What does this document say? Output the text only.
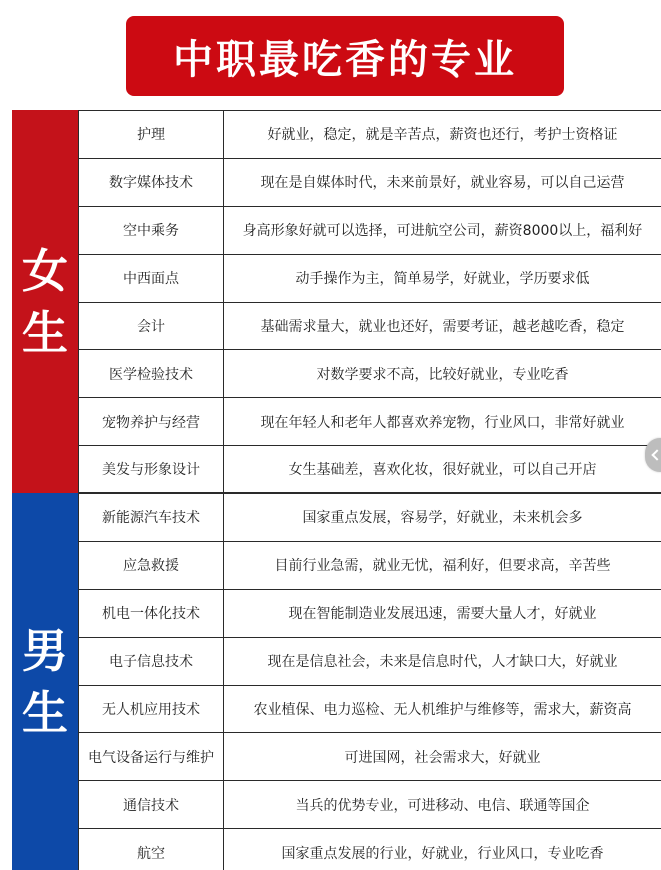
中职最吃香的专业
女
生
护理	好就业，稳定，就是辛苦点，薪资也还行，考护士资格证
数字媒体技术	现在是自媒体时代，未来前景好，就业容易，可以自己运营
空中乘务	身高形象好就可以选择，可进航空公司，薪资8000以上，福利好
中西面点	动手操作为主，简单易学，好就业，学历要求低
会计	基础需求量大，就业也还好，需要考证，越老越吃香，稳定
医学检验技术	对数学要求不高，比较好就业，专业吃香
宠物养护与经营	现在年轻人和老年人都喜欢养宠物，行业风口，非常好就业
美发与形象设计	女生基础差，喜欢化妆，很好就业，可以自己开店
男
生
新能源汽车技术	国家重点发展，容易学，好就业，未来机会多
应急救援	目前行业急需，就业无忧，福利好，但要求高，辛苦些
机电一体化技术	现在智能制造业发展迅速，需要大量人才，好就业
电子信息技术	现在是信息社会，未来是信息时代，人才缺口大，好就业
无人机应用技术	农业植保、电力巡检、无人机维护与维修等，需求大，薪资高
电气设备运行与维护	可进国网，社会需求大，好就业
通信技术	当兵的优势专业，可进移动、电信、联通等国企
航空	国家重点发展的行业，好就业，行业风口，专业吃香
